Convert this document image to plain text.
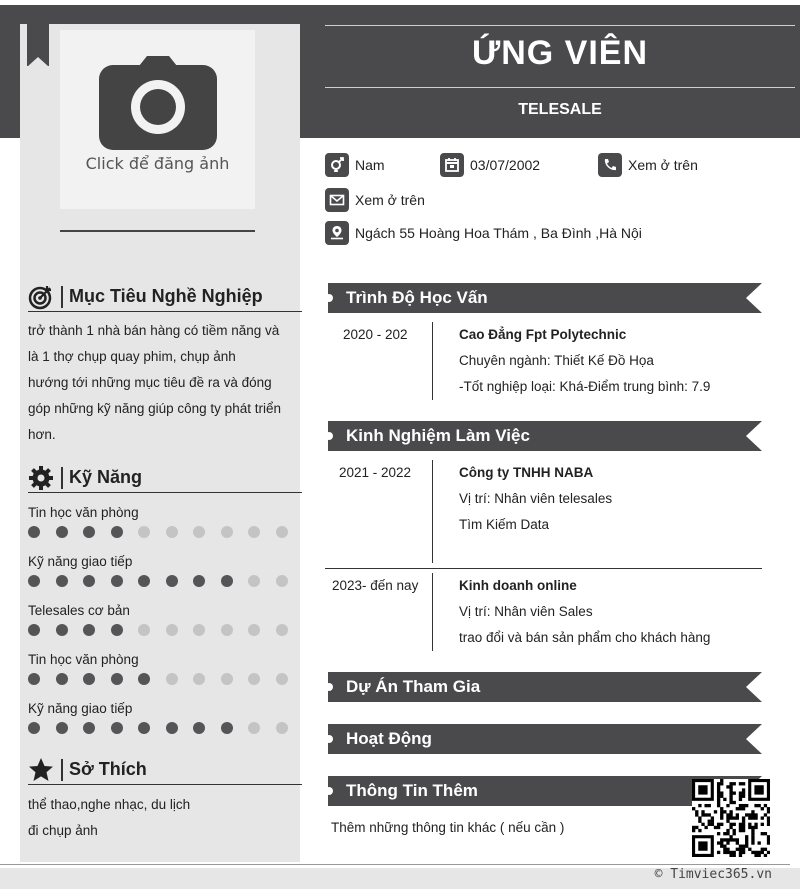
Click để đăng ảnh
ỨNG VIÊN
TELESALE
Nam	03/07/2002	Xem ở trên
Xem ở trên
Ngách 55 Hoàng Hoa Thám , Ba Đình ,Hà Nội
Mục Tiêu Nghề Nghiệp
trở thành 1 nhà bán hàng có tiềm năng và
là 1 thợ chụp quay phim, chụp ảnh
hướng tới những mục tiêu đề ra và đóng
góp những kỹ năng giúp công ty phát triển
hơn.
Kỹ Năng
Tin học văn phòng
Kỹ năng giao tiếp
Telesales cơ bản
Tin học văn phòng
Kỹ năng giao tiếp
Sở Thích
thể thao,nghe nhạc, du lịch
đi chụp ảnh
Trình Độ Học Vấn
2020 - 202	Cao Đẳng Fpt Polytechnic
Chuyên ngành: Thiết Kế Đồ Họa
-Tốt nghiệp loại: Khá-Điểm trung bình: 7.9
Kinh Nghiệm Làm Việc
2021 - 2022	Công ty TNHH NABA
Vị trí: Nhân viên telesales
Tìm Kiếm Data
2023- đến nay	Kinh doanh online
Vị trí: Nhân viên Sales
trao đổi và bán sản phẩm cho khách hàng
Dự Án Tham Gia
Hoạt Động
Thông Tin Thêm
Thêm những thông tin khác ( nếu cần )
© Timviec365.vn
